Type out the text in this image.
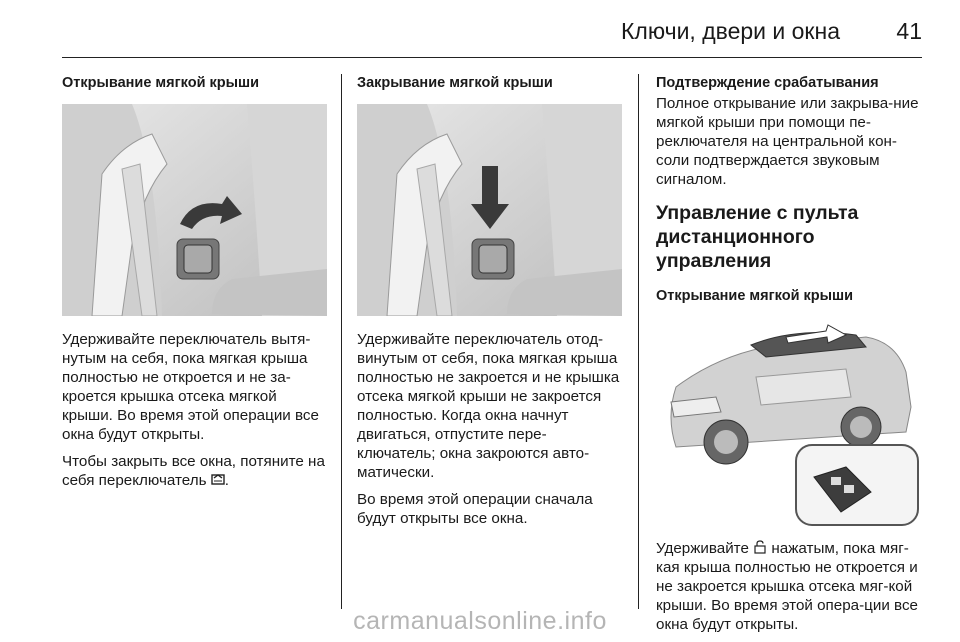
Ключи, двери и окна 41
Открывание мягкой крыши

Удерживайте переключатель вытя-нутым на себя, пока мягкая крыша полностью не откроется и не за-кроется крышка отсека мягкой крыши. Во время этой операции все окна будут открыты.

Чтобы закрыть все окна, потяните на себя переключатель .

Закрывание мягкой крыши

Удерживайте переключатель отод-винутым от себя, пока мягкая крыша полностью не закроется и не крышка отсека мягкой крыши не закроется полностью. Когда окна начнут двигаться, отпустите пере-ключатель; окна закроются авто-матически.

Во время этой операции сначала будут открыты все окна.

Подтверждение срабатывания

Полное открывание или закрыва-ние мягкой крыши при помощи пе-реключателя на центральной кон-соли подтверждается звуковым сигналом.

Управление с пульта дистанционного управления
Открывание мягкой крыши

Удерживайте нажатым, пока мяг-кая крыша полностью не откроется и не закроется крышка отсека мяг-кой крыши. Во время этой опера-ции все окна будут открыты.

carmanualsonline.info
